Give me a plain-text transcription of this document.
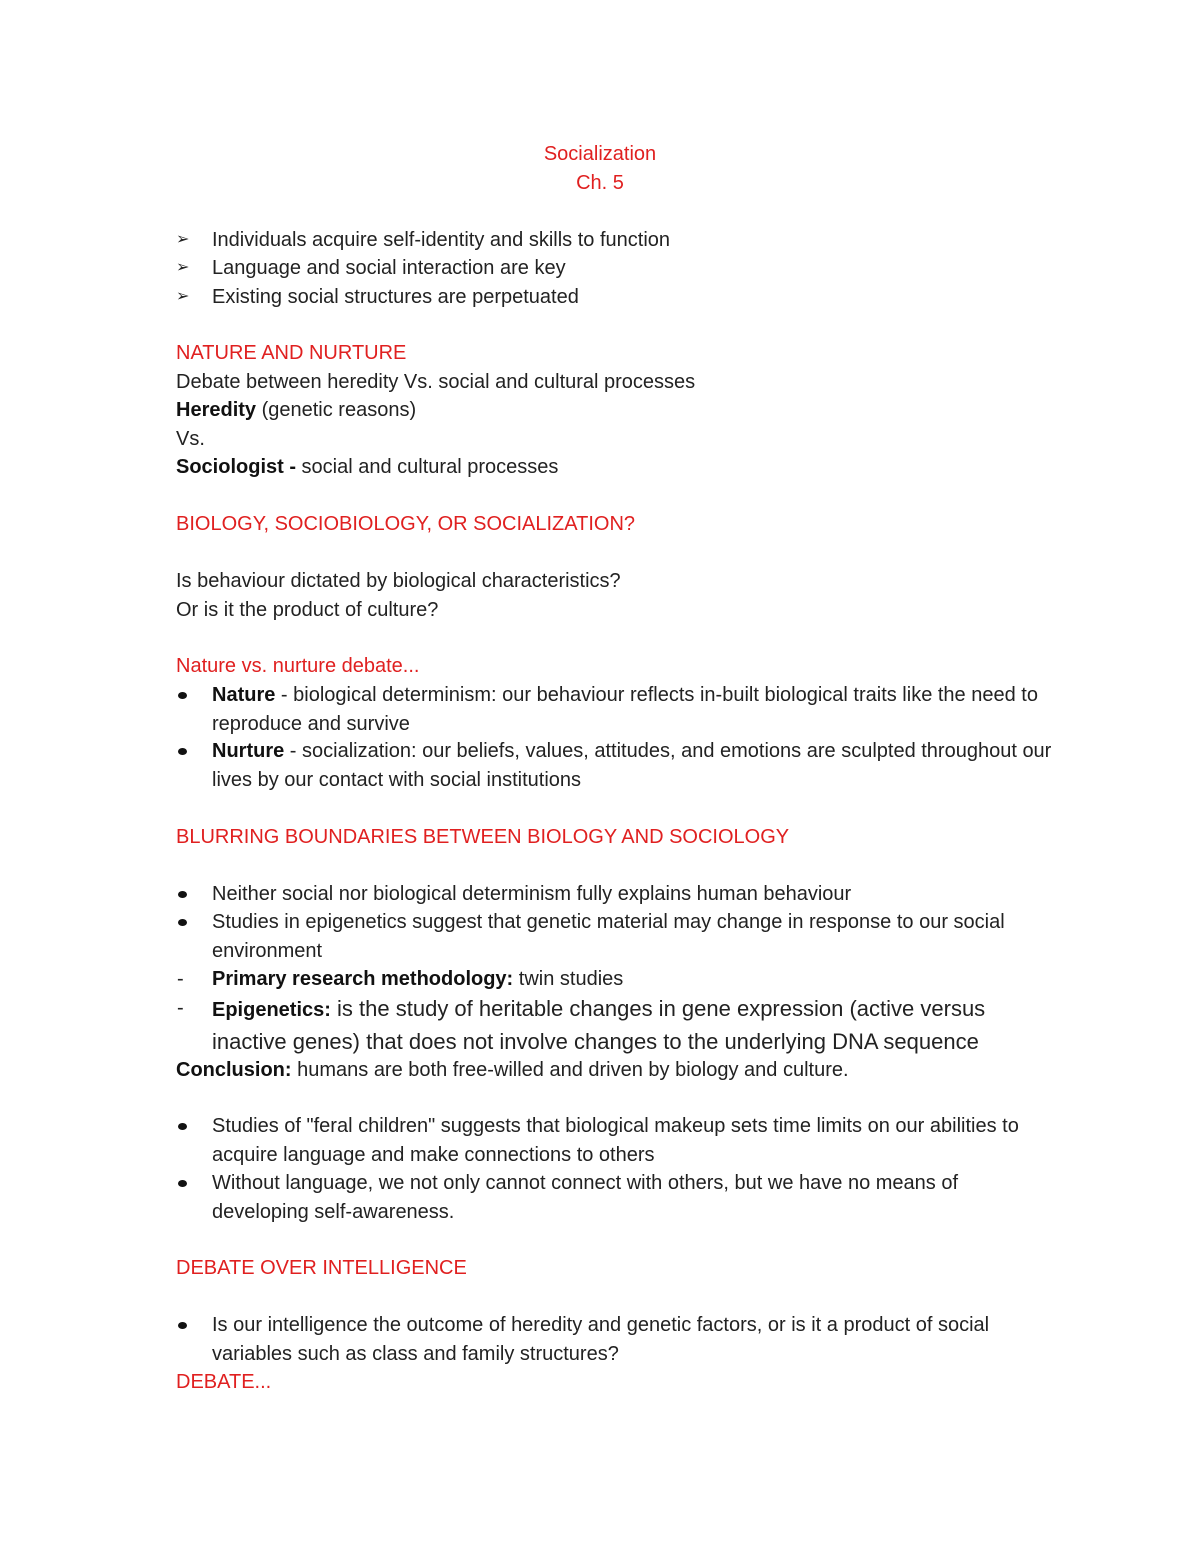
Socialization
Ch. 5
➢	Individuals acquire self-identity and skills to function
➢	Language and social interaction are key
➢	Existing social structures are perpetuated
NATURE AND NURTURE
Debate between heredity Vs. social and cultural processes
Heredity (genetic reasons)
Vs.
Sociologist - social and cultural processes
BIOLOGY, SOCIOBIOLOGY, OR SOCIALIZATION?
Is behaviour dictated by biological characteristics?
Or is it the product of culture?
Nature vs. nurture debate...
Nature - biological determinism: our behaviour reflects in-built biological traits like the need to reproduce and survive
Nurture - socialization: our beliefs, values, attitudes, and emotions are sculpted throughout our lives by our contact with social institutions
BLURRING BOUNDARIES BETWEEN BIOLOGY AND SOCIOLOGY
Neither social nor biological determinism fully explains human behaviour
Studies in epigenetics suggest that genetic material may change in response to our social environment
-	Primary research methodology: twin studies
-	Epigenetics: is the study of heritable changes in gene expression (active versus inactive genes) that does not involve changes to the underlying DNA sequence
Conclusion: humans are both free-willed and driven by biology and culture.
Studies of "feral children" suggests that biological makeup sets time limits on our abilities to acquire language and make connections to others
Without language, we not only cannot connect with others, but we have no means of developing self-awareness.
DEBATE OVER INTELLIGENCE
Is our intelligence the outcome of heredity and genetic factors, or is it a product of social variables such as class and family structures?
DEBATE...
